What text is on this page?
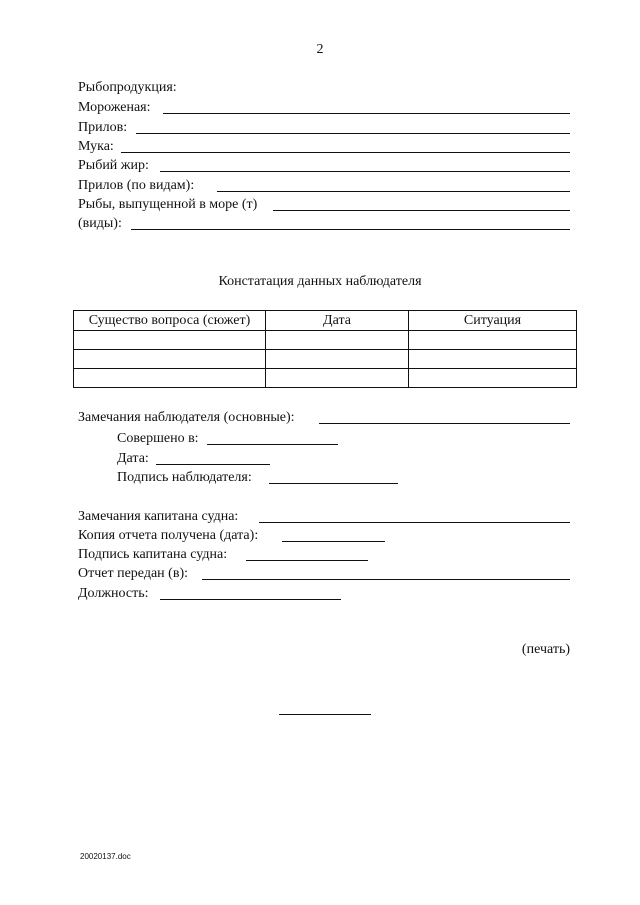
2
Рыбопродукция:
Мороженая:
Прилов:
Мука:
Рыбий жир:
Прилов (по видам):
Рыбы, выпущенной в море (т)
(виды):
Констатация данных наблюдателя
Существо вопроса (сюжет)	Дата	Ситуация

Замечания наблюдателя (основные):
Совершено в:
Дата:
Подпись наблюдателя:
Замечания капитана судна:
Копия отчета получена (дата):
Подпись капитана судна:
Отчет передан (в):
Должность:
(печать)
20020137.doc
